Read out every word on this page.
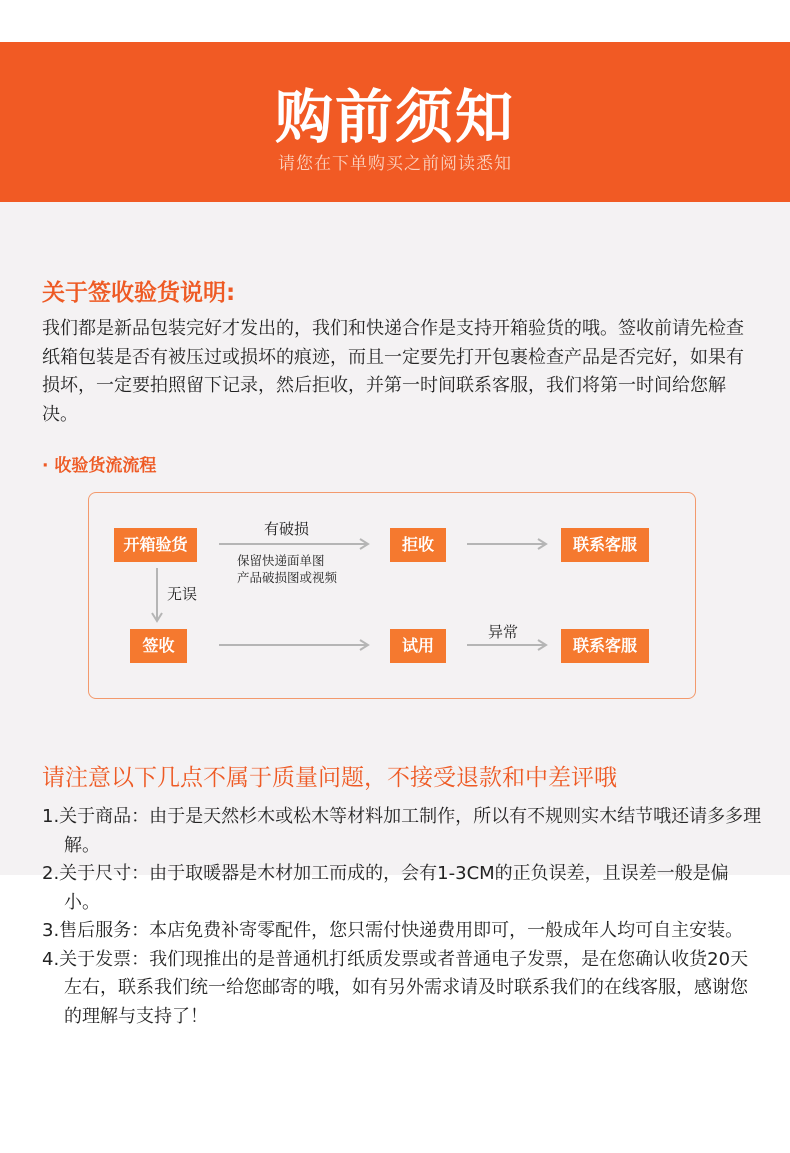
购前须知
请您在下单购买之前阅读悉知
关于签收验货说明:
我们都是新品包装完好才发出的，我们和快递合作是支持开箱验货的哦。签收前请先检查纸箱包装是否有被压过或损坏的痕迹，而且一定要先打开包裹检查产品是否完好，如果有损坏，一定要拍照留下记录，然后拒收，并第一时间联系客服，我们将第一时间给您解决。
· 收验货流流程
开箱验货
有破损
保留快递面单图
产品破损图或视频
拒收	联系客服
无误
签收	试用
异常
联系客服
请注意以下几点不属于质量问题，不接受退款和中差评哦

1.关于商品：由于是天然杉木或松木等材料加工制作，所以有不规则实木结节哦还请多多理解。

2.关于尺寸：由于取暖器是木材加工而成的，会有1-3CM的正负误差，且误差一般是偏小。

3.售后服务：本店免费补寄零配件，您只需付快递费用即可，一般成年人均可自主安装。

4.关于发票：我们现推出的是普通机打纸质发票或者普通电子发票，是在您确认收货20天左右，联系我们统一给您邮寄的哦，如有另外需求请及时联系我们的在线客服，感谢您的理解与支持了！
